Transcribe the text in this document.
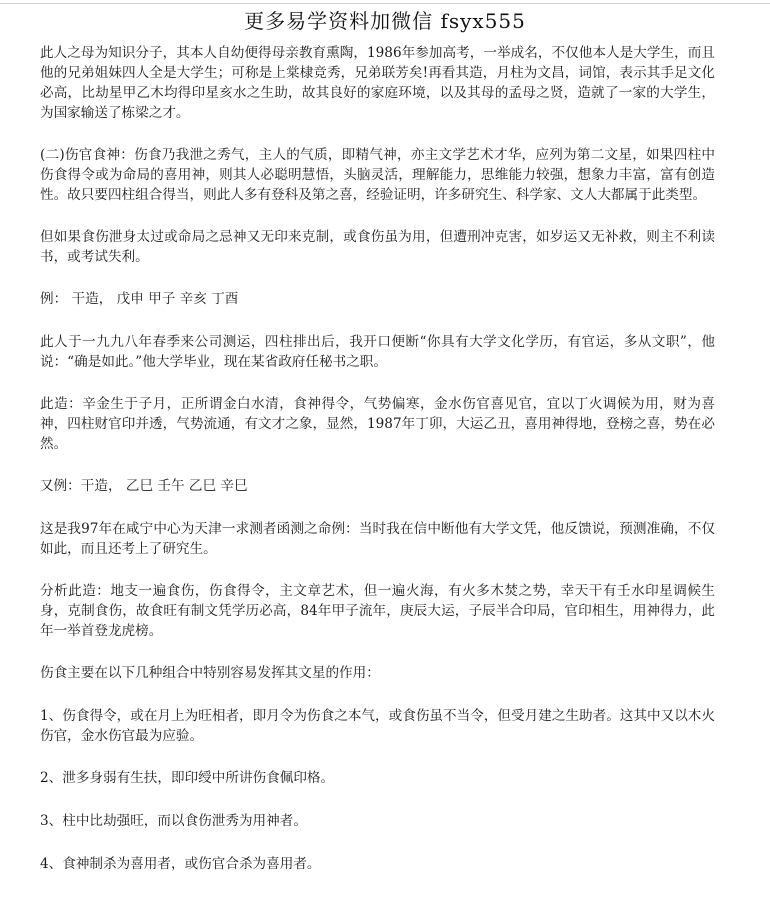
更多易学资料加微信 fsyx555

此人之母为知识分子，其本人自幼便得母亲教育熏陶，1986年参加高考，一举成名，不仅他本人是大学生，而且他的兄弟姐妹四人全是大学生；可称是上棠棣竞秀，兄弟联芳矣!再看其造，月柱为文昌，词馆，表示其手足文化必高，比劫星甲乙木均得印星亥水之生助，故其良好的家庭环境，以及其母的孟母之贤，造就了一家的大学生，为国家输送了栋梁之才。

(二)伤官食神：伤食乃我泄之秀气，主人的气质，即精气神，亦主文学艺术才华，应列为第二文星，如果四柱中伤食得令或为命局的喜用神，则其人必聪明慧悟，头脑灵活，理解能力，思维能力较强，想象力丰富，富有创造性。故只要四柱组合得当，则此人多有登科及第之喜，经验证明，许多研究生、科学家、文人大都属于此类型。

但如果食伤泄身太过或命局之忌神又无印来克制，或食伤虽为用，但遭刑冲克害，如岁运又无补救，则主不利读书，或考试失利。

例： 干造， 戊申 甲子 辛亥 丁酉

此人于一九九八年春季来公司测运，四柱排出后，我开口便断“你具有大学文化学历，有官运，多从文职”，他说：“确是如此。”他大学毕业，现在某省政府任秘书之职。

此造：辛金生于子月，正所谓金白水清，食神得令，气势偏寒，金水伤官喜见官，宜以丁火调候为用，财为喜神，四柱财官印并透，气势流通，有文才之象，显然，1987年丁卯，大运乙丑，喜用神得地，登榜之喜，势在必然。

又例：干造， 乙巳 壬午 乙巳 辛巳

这是我97年在咸宁中心为天津一求测者函测之命例：当时我在信中断他有大学文凭，他反馈说，预测准确，不仅如此，而且还考上了研究生。

分析此造：地支一遍食伤，伤食得令，主文章艺术，但一遍火海，有火多木焚之势，幸天干有壬水印星调候生身，克制食伤，故食旺有制文凭学历必高，84年甲子流年，庚辰大运，子辰半合印局，官印相生，用神得力，此年一举首登龙虎榜。

伤食主要在以下几种组合中特别容易发挥其文星的作用：

1、伤食得令，或在月上为旺相者，即月令为伤食之本气，或食伤虽不当令，但受月建之生助者。这其中又以木火伤官，金水伤官最为应验。

2、泄多身弱有生扶，即印绶中所讲伤食佩印格。

3、柱中比劫强旺，而以食伤泄秀为用神者。

4、食神制杀为喜用者，或伤官合杀为喜用者。
